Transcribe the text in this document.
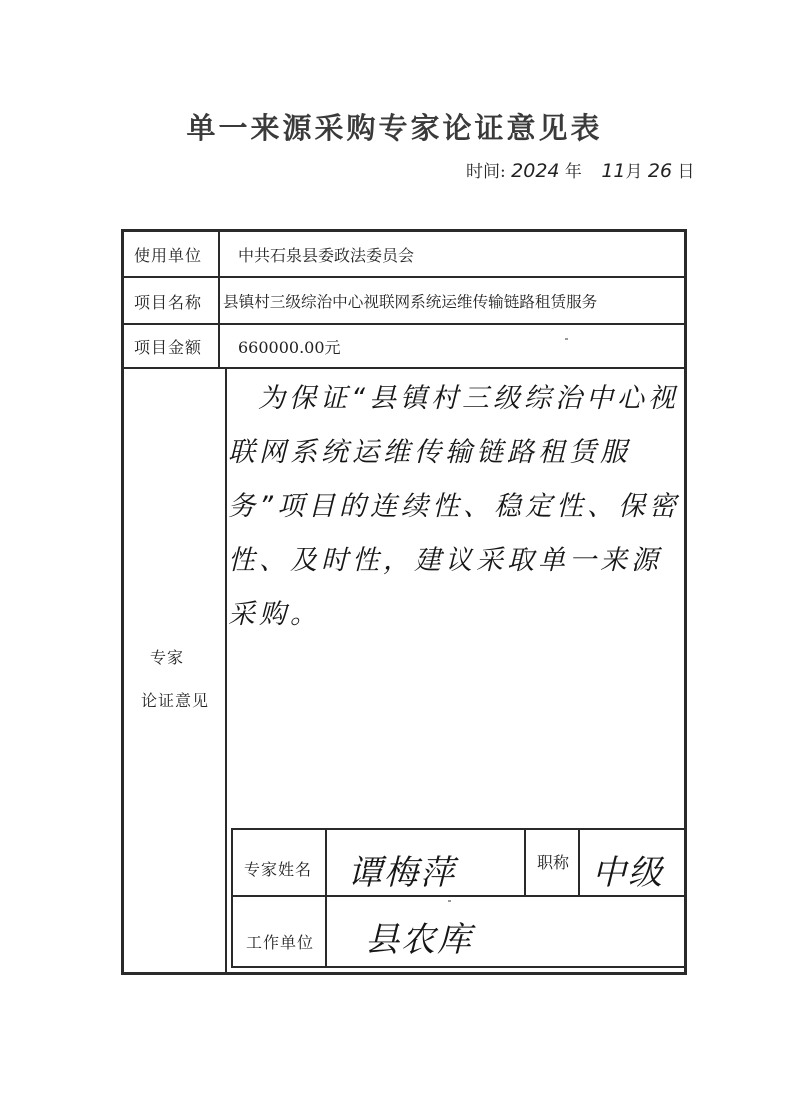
单一来源采购专家论证意见表
时间: 2024 年 11月 26 日
使用单位 中共石泉县委政法委员会
项目名称 县镇村三级综治中心视联网系统运维传输链路租赁服务
项目金额 660000.00元
专家
论证意见
为保证“县镇村三级综治中心视联网系统运维传输链路租赁服务”项目的连续性、稳定性、保密性、及时性，建议采取单一来源采购。
专家姓名 谭梅萍	职称 中级
工作单位 县农库
